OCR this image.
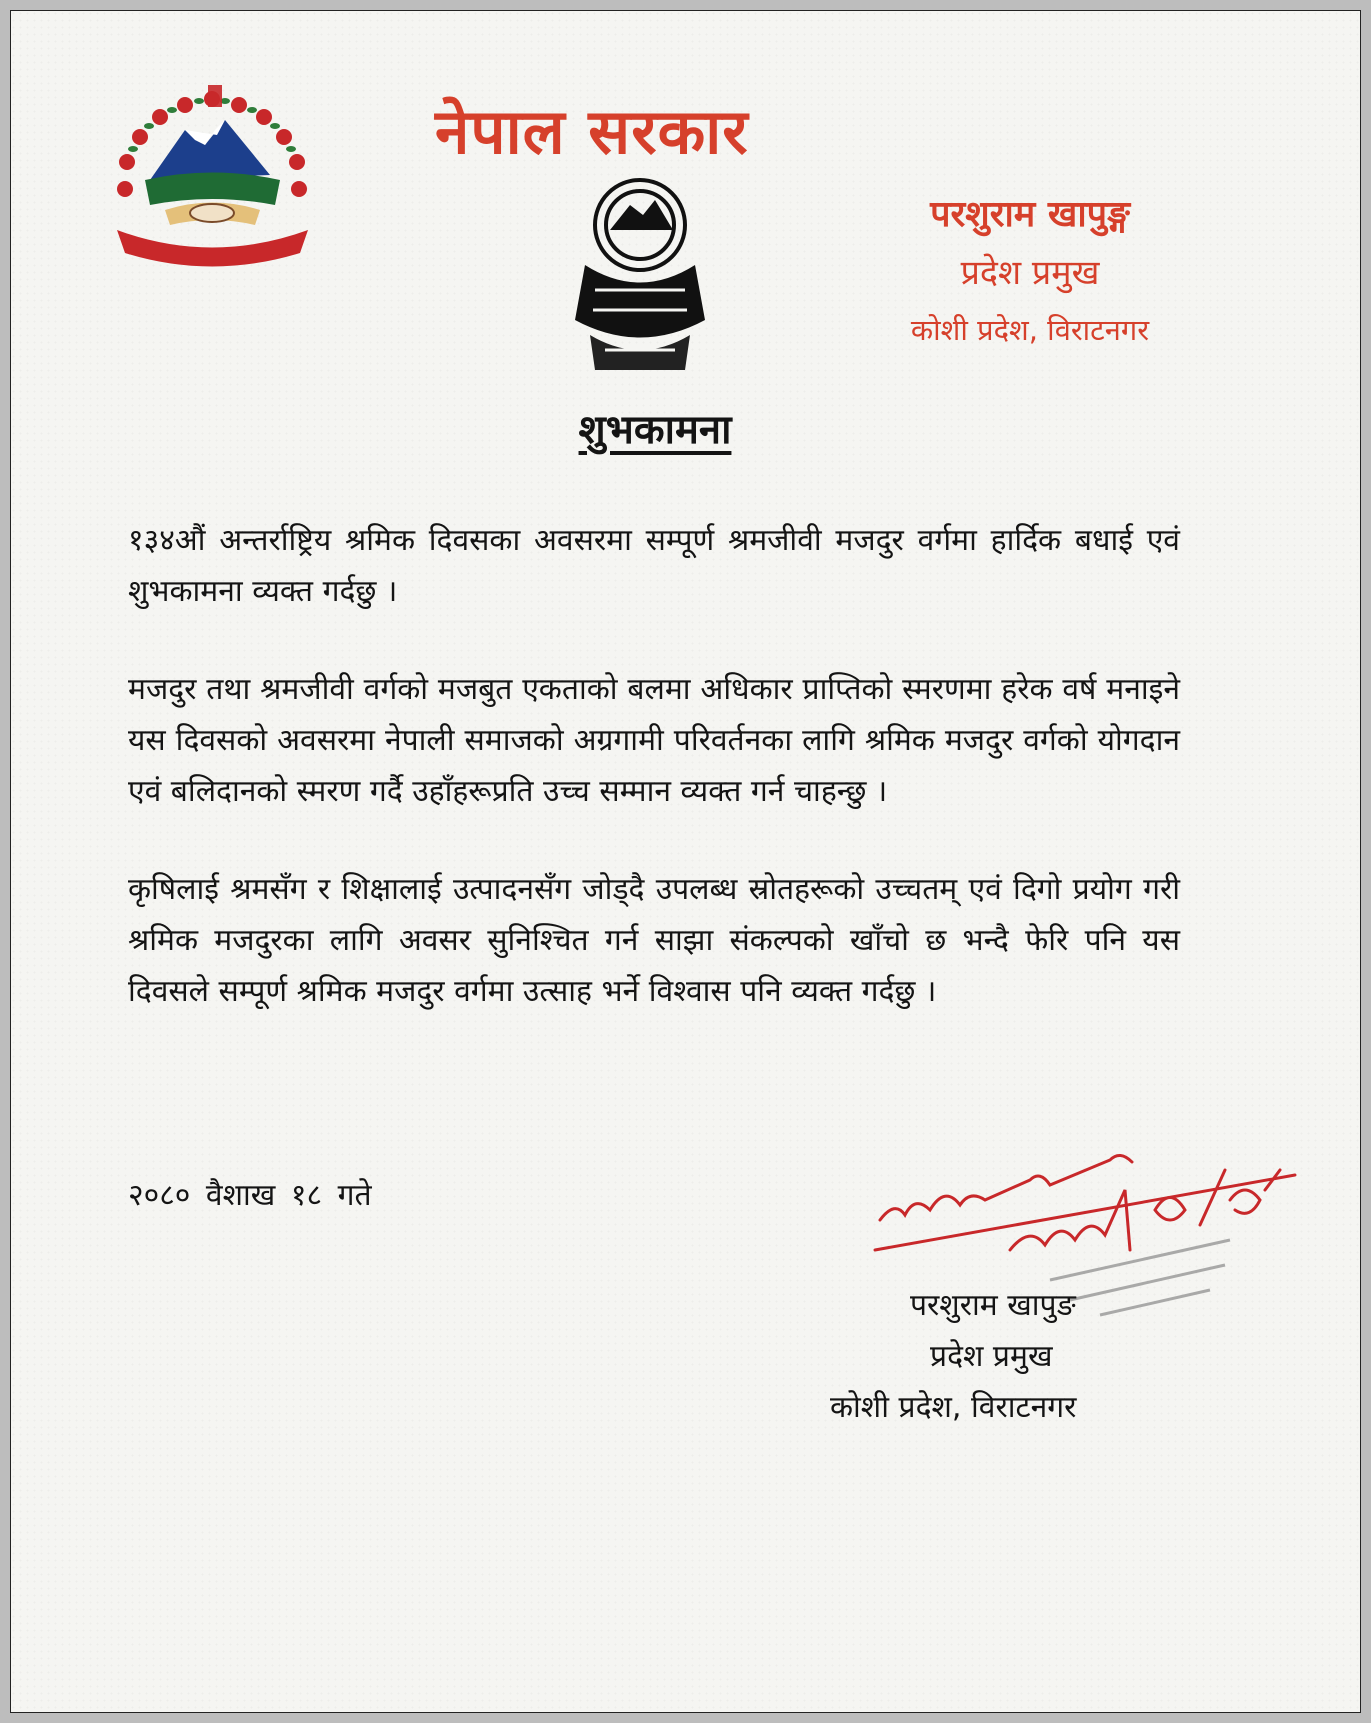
नेपाल सरकार
परशुराम खापुङ्ग
प्रदेश प्रमुख
कोशी प्रदेश, विराटनगर
शुभकामना

१३४औं अन्तर्राष्ट्रिय श्रमिक दिवसका अवसरमा सम्पूर्ण श्रमजीवी मजदुर वर्गमा हार्दिक बधाई एवं शुभकामना व्यक्त गर्दछु ।

मजदुर तथा श्रमजीवी वर्गको मजबुत एकताको बलमा अधिकार प्राप्तिको स्मरणमा हरेक वर्ष मनाइने यस दिवसको अवसरमा नेपाली समाजको अग्रगामी परिवर्तनका लागि श्रमिक मजदुर वर्गको योगदान एवं बलिदानको स्मरण गर्दै उहाँहरूप्रति उच्च सम्मान व्यक्त गर्न चाहन्छु ।

कृषिलाई श्रमसँग र शिक्षालाई उत्पादनसँग जोड्दै उपलब्ध स्रोतहरूको उच्चतम् एवं दिगो प्रयोग गरी श्रमिक मजदुरका लागि अवसर सुनिश्चित गर्न साझा संकल्पको खाँचो छ भन्दै फेरि पनि यस दिवसले सम्पूर्ण श्रमिक मजदुर वर्गमा उत्साह भर्ने विश्वास पनि व्यक्त गर्दछु ।

२०८० वैशाख १८ गते
परशुराम खापुङ
प्रदेश प्रमुख
कोशी प्रदेश, विराटनगर
